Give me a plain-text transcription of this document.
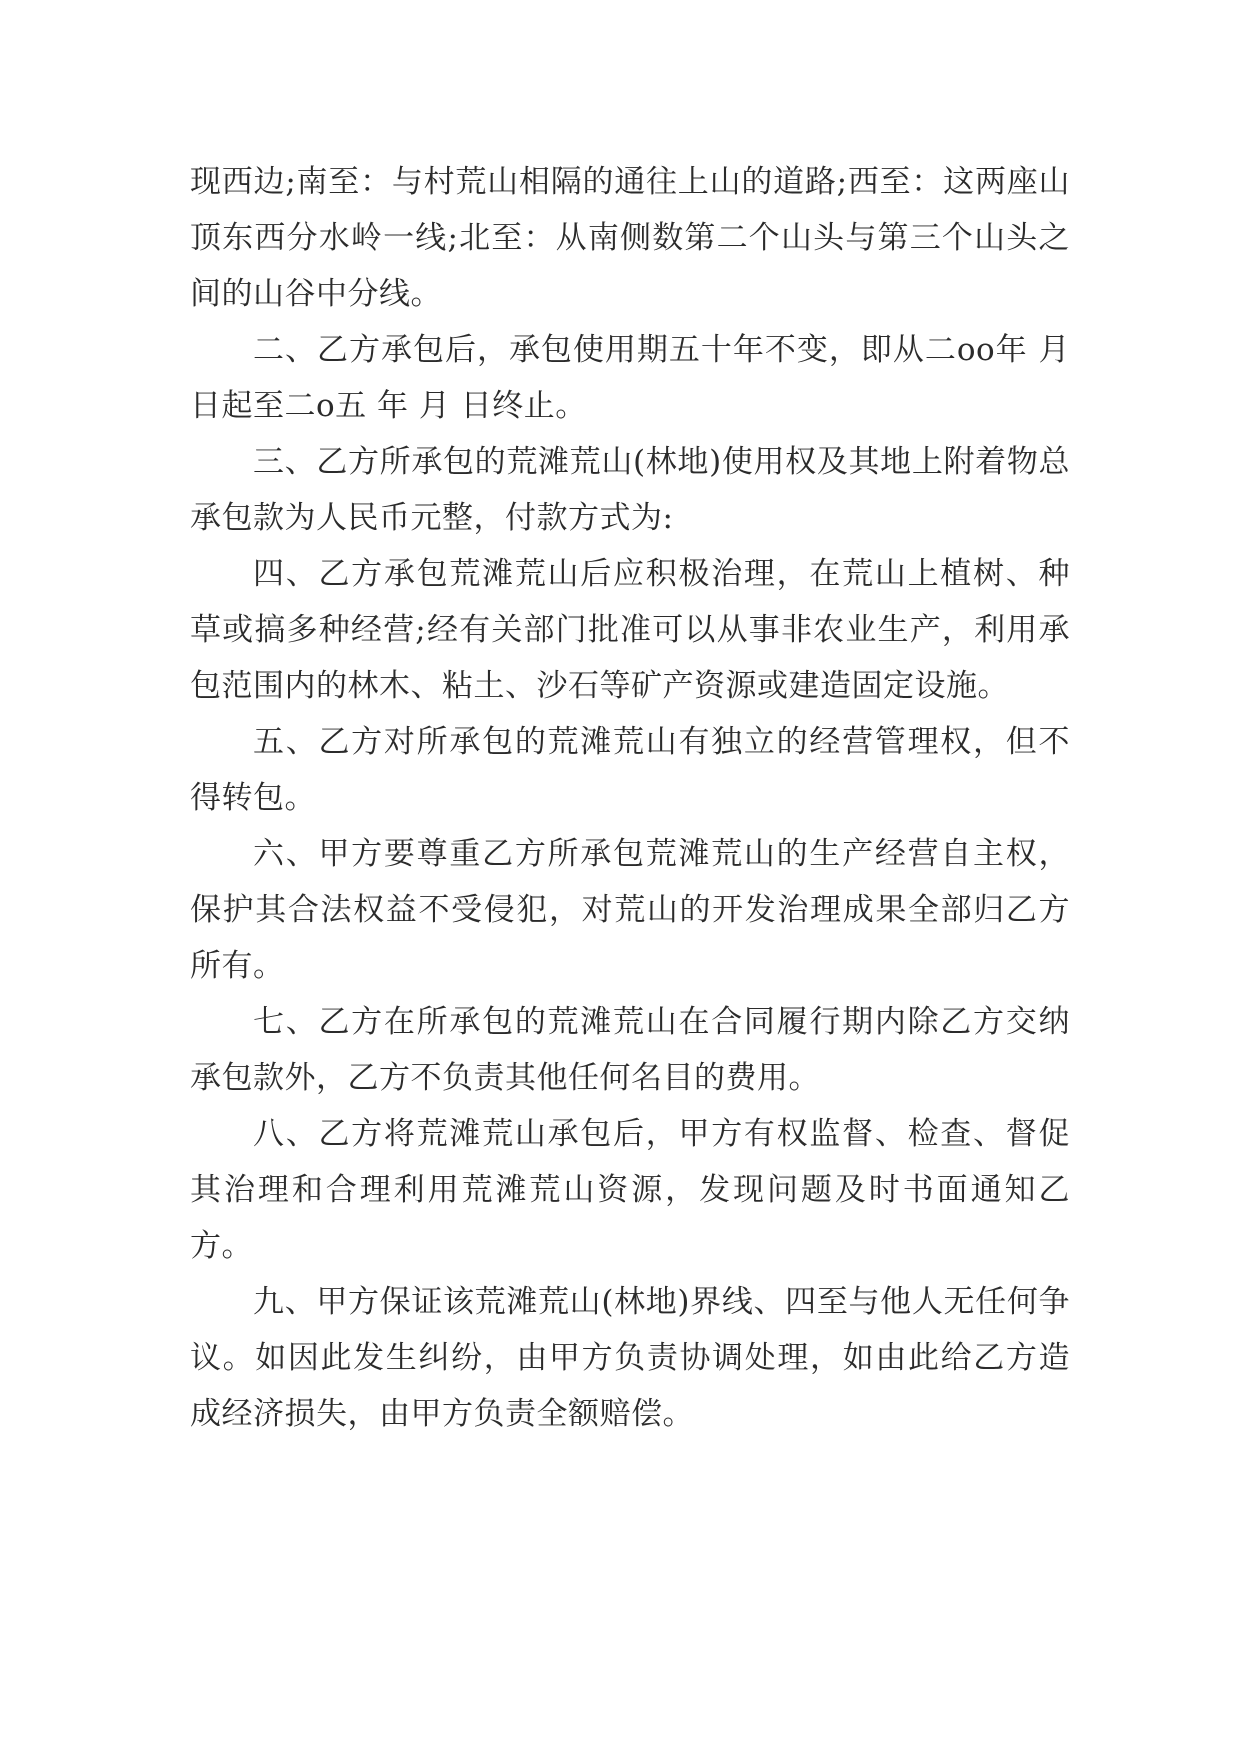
现西边;南至：与村荒山相隔的通往上山的道路;西至：这两座山顶东西分水岭一线;北至：从南侧数第二个山头与第三个山头之间的山谷中分线。

二、乙方承包后，承包使用期五十年不变，即从二oo年 月 日起至二o五 年 月 日终止。

三、乙方所承包的荒滩荒山(林地)使用权及其地上附着物总承包款为人民币元整，付款方式为:

四、乙方承包荒滩荒山后应积极治理，在荒山上植树、种草或搞多种经营;经有关部门批准可以从事非农业生产，利用承包范围内的林木、粘土、沙石等矿产资源或建造固定设施。

五、乙方对所承包的荒滩荒山有独立的经营管理权，但不得转包。

六、甲方要尊重乙方所承包荒滩荒山的生产经营自主权，保护其合法权益不受侵犯，对荒山的开发治理成果全部归乙方所有。

七、乙方在所承包的荒滩荒山在合同履行期内除乙方交纳承包款外，乙方不负责其他任何名目的费用。

八、乙方将荒滩荒山承包后，甲方有权监督、检查、督促其治理和合理利用荒滩荒山资源，发现问题及时书面通知乙方。

九、甲方保证该荒滩荒山(林地)界线、四至与他人无任何争议。如因此发生纠纷，由甲方负责协调处理，如由此给乙方造成经济损失，由甲方负责全额赔偿。
